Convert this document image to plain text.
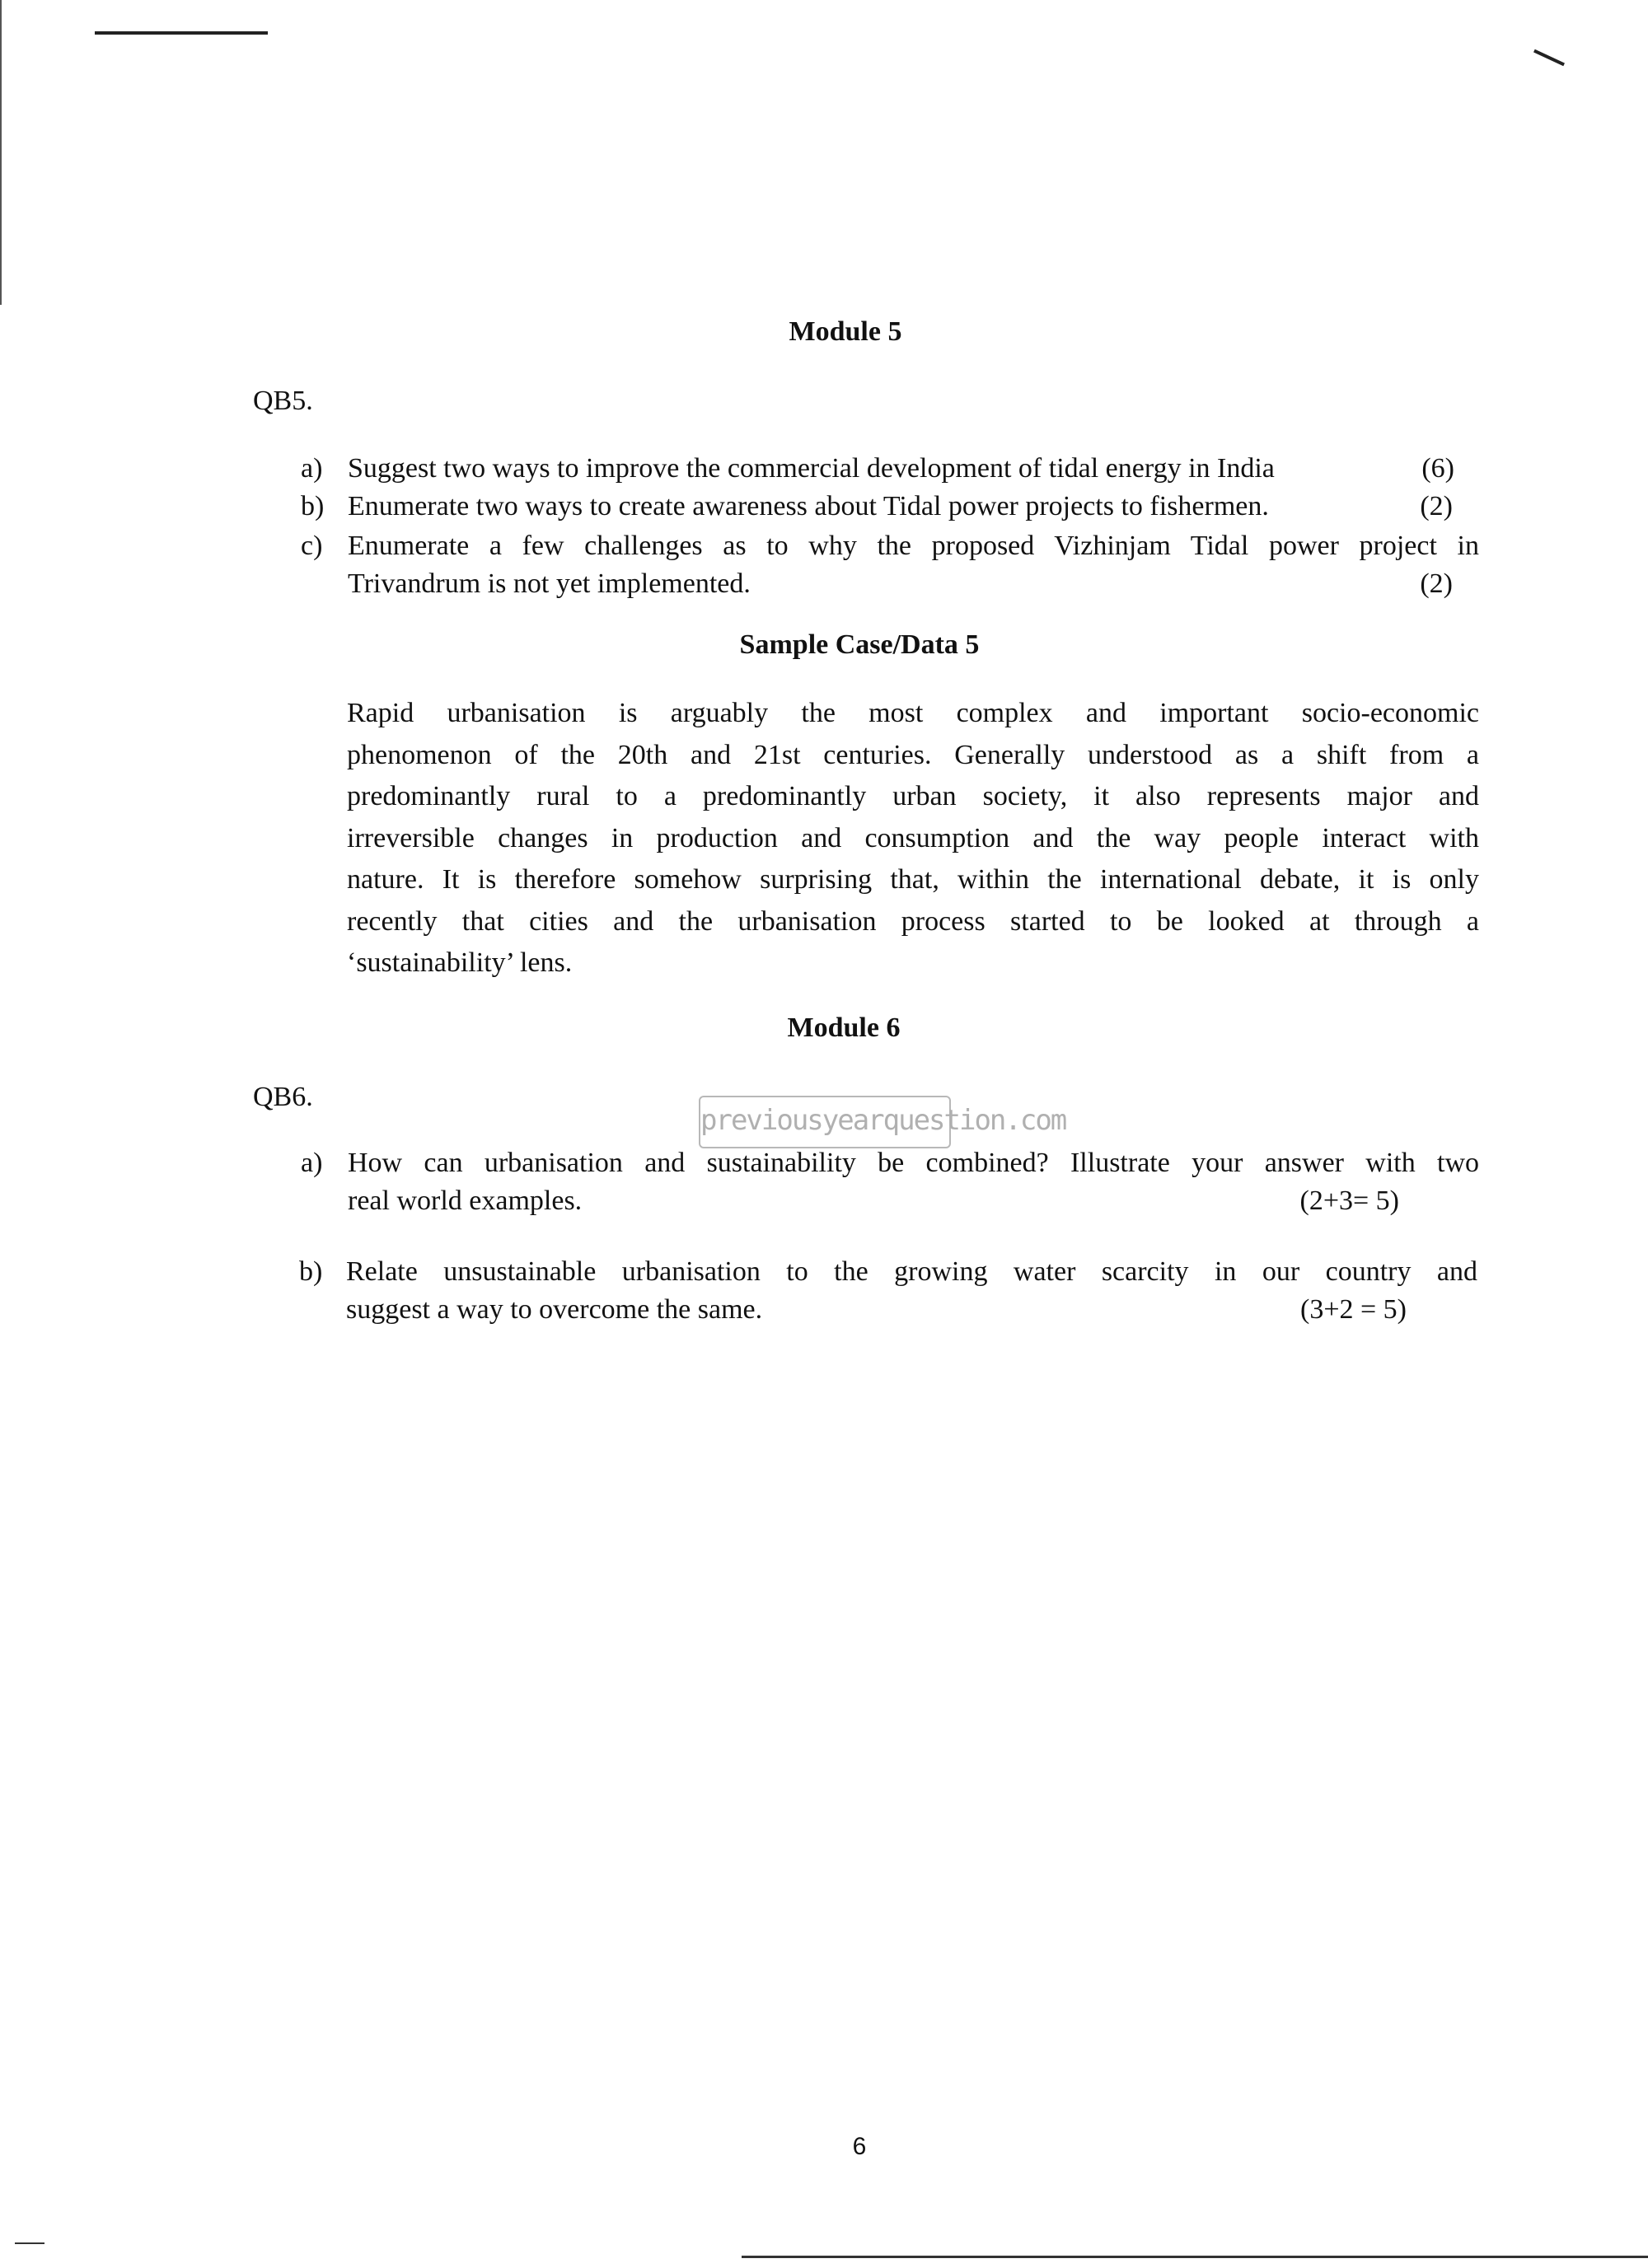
Module 5
QB5.
a) Suggest two ways to improve the commercial development of tidal energy in India	(6)
b) Enumerate two ways to create awareness about Tidal power projects to fishermen.	(2)
c) Enumerate a few challenges as to why the proposed Vizhinjam Tidal power project in
Trivandrum is not yet implemented.	(2)
Sample Case/Data 5
Rapid urbanisation is arguably the most complex and important socio-economic
phenomenon of the 20th and 21st centuries. Generally understood as a shift from a
predominantly rural to a predominantly urban society, it also represents major and
irreversible changes in production and consumption and the way people interact with
nature. It is therefore somehow surprising that, within the international debate, it is only
recently that cities and the urbanisation process started to be looked at through a
‘sustainability’ lens.
Module 6
QB6.
previousyearquestion.com
a) How can urbanisation and sustainability be combined? Illustrate your answer with two
real world examples.	(2+3= 5)
b) Relate unsustainable urbanisation to the growing water scarcity in our country and
suggest a way to overcome the same.	(3+2 = 5)
6
